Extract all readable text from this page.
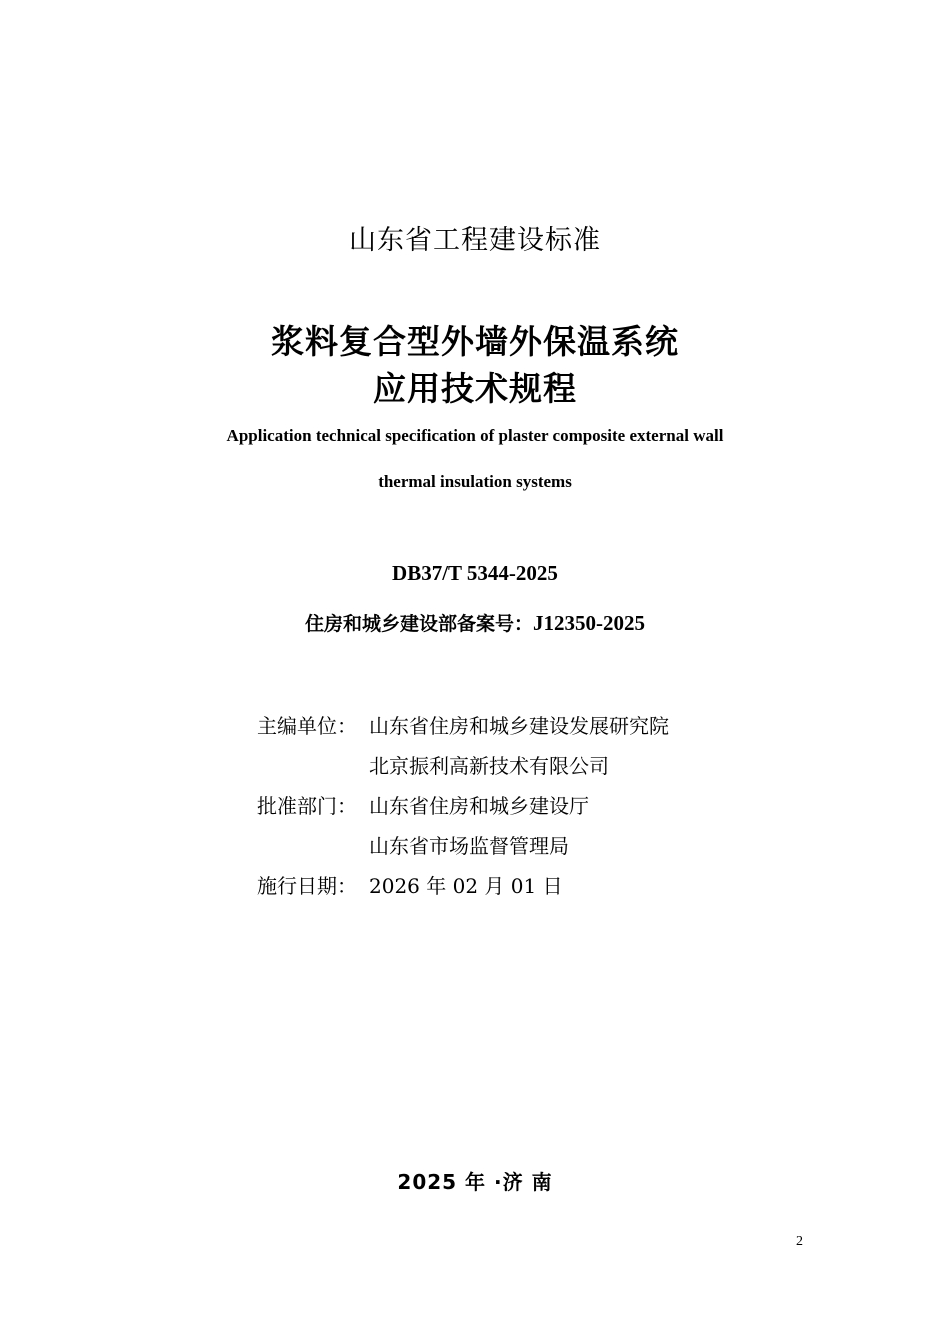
山东省工程建设标准
浆料复合型外墙外保温系统
应用技术规程
Application technical specification of plaster composite external wall
thermal insulation systems
DB37/T 5344-2025
住房和城乡建设部备案号：J12350-2025
主编单位： 山东省住房和城乡建设发展研究院
北京振利高新技术有限公司
批准部门： 山东省住房和城乡建设厅
山东省市场监督管理局
施行日期： 2026 年 02 月 01 日
2025 年 ·济 南
2
